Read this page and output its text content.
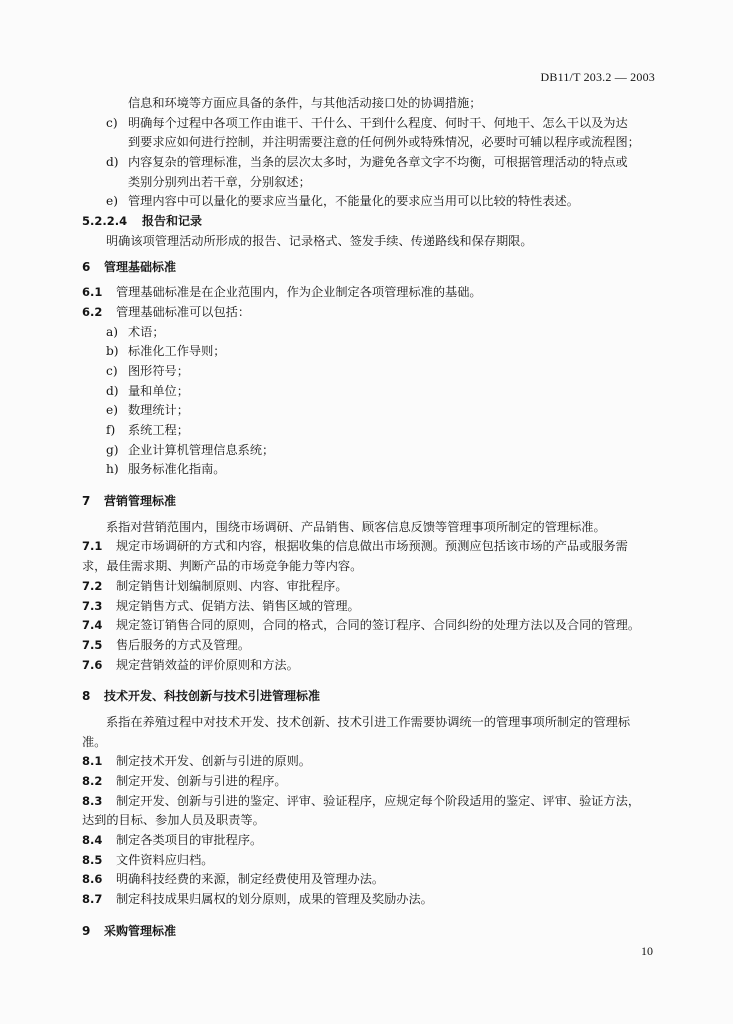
DB11/T 203.2 — 2003
信息和环境等方面应具备的条件，与其他活动接口处的协调措施；
c) 明确每个过程中各项工作由谁干、干什么、干到什么程度、何时干、何地干、怎么干以及为达
到要求应如何进行控制，并注明需要注意的任何例外或特殊情况，必要时可辅以程序或流程图；
d) 内容复杂的管理标准，当条的层次太多时，为避免各章文字不均衡，可根据管理活动的特点或
类别分别列出若干章，分别叙述；
e) 管理内容中可以量化的要求应当量化，不能量化的要求应当用可以比较的特性表述。
5.2.2.4 报告和记录
明确该项管理活动所形成的报告、记录格式、签发手续、传递路线和保存期限。
6 管理基础标准
6.1 管理基础标准是在企业范围内，作为企业制定各项管理标准的基础。
6.2 管理基础标准可以包括：
a) 术语；
b) 标准化工作导则；
c) 图形符号；
d) 量和单位；
e) 数理统计；
f) 系统工程；
g) 企业计算机管理信息系统；
h) 服务标准化指南。
7 营销管理标准
系指对营销范围内，围绕市场调研、产品销售、顾客信息反馈等管理事项所制定的管理标准。
7.1 规定市场调研的方式和内容，根据收集的信息做出市场预测。预测应包括该市场的产品或服务需
求，最佳需求期、判断产品的市场竞争能力等内容。
7.2 制定销售计划编制原则、内容、审批程序。
7.3 规定销售方式、促销方法、销售区域的管理。
7.4 规定签订销售合同的原则，合同的格式，合同的签订程序、合同纠纷的处理方法以及合同的管理。
7.5 售后服务的方式及管理。
7.6 规定营销效益的评价原则和方法。
8 技术开发、科技创新与技术引进管理标准
系指在养殖过程中对技术开发、技术创新、技术引进工作需要协调统一的管理事项所制定的管理标
准。
8.1 制定技术开发、创新与引进的原则。
8.2 制定开发、创新与引进的程序。
8.3 制定开发、创新与引进的鉴定、评审、验证程序，应规定每个阶段适用的鉴定、评审、验证方法，
达到的目标、参加人员及职责等。
8.4 制定各类项目的审批程序。
8.5 文件资料应归档。
8.6 明确科技经费的来源，制定经费使用及管理办法。
8.7 制定科技成果归属权的划分原则，成果的管理及奖励办法。
9 采购管理标准
10
